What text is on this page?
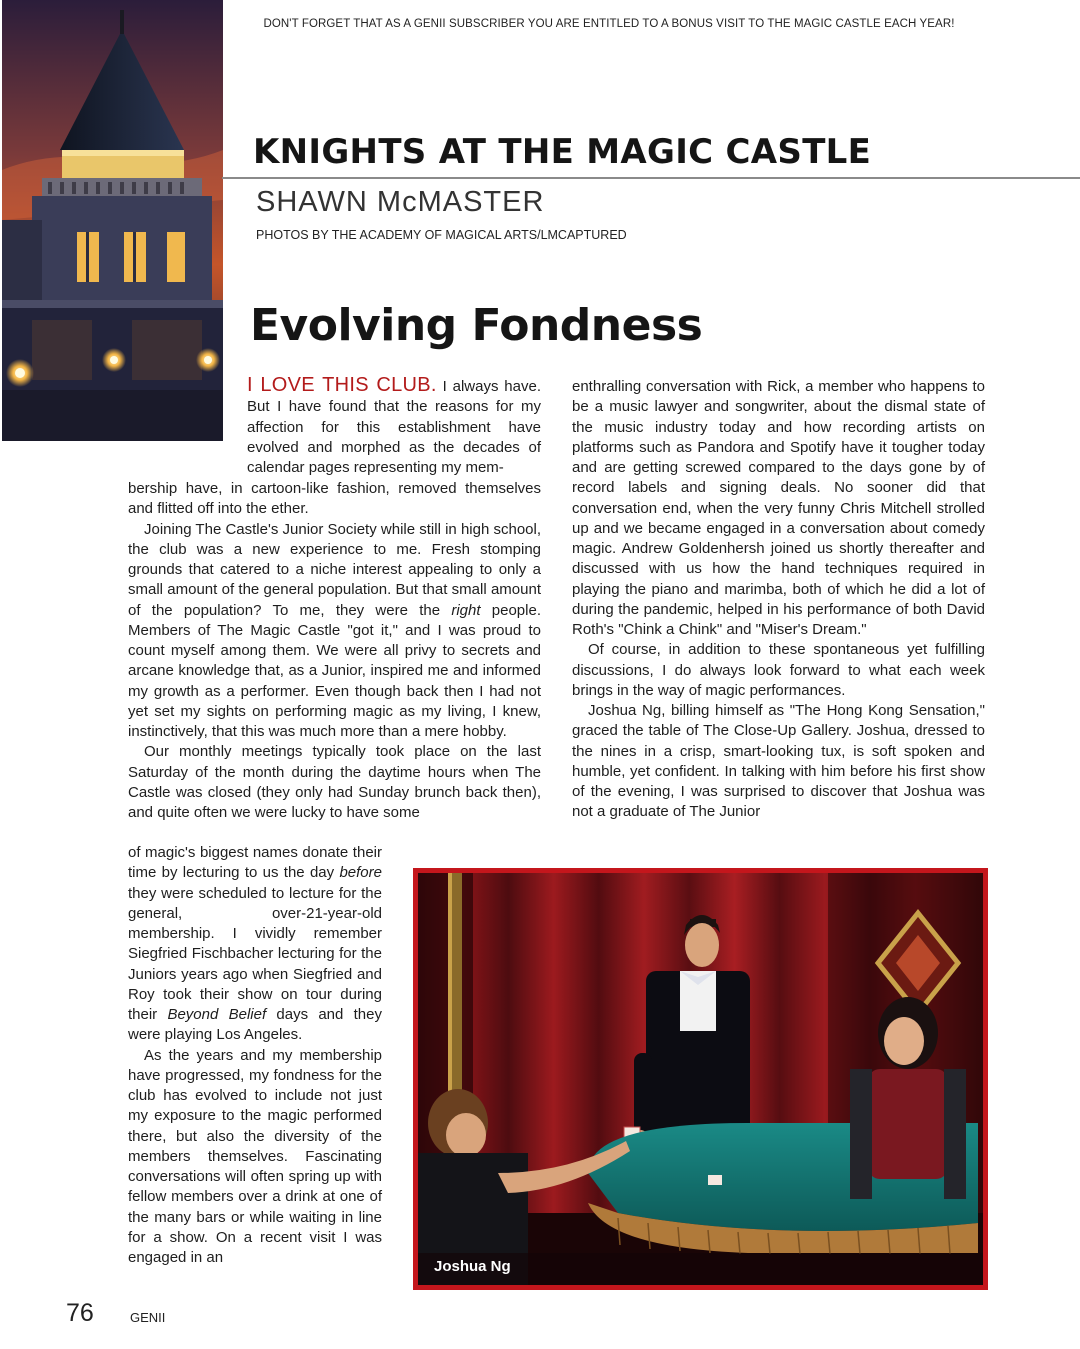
DON'T FORGET THAT AS A GENII SUBSCRIBER YOU ARE ENTITLED TO A BONUS VISIT TO THE MAGIC CASTLE EACH YEAR!
KNIGHTS AT THE MAGIC CASTLE
SHAWN McMASTER
PHOTOS BY THE ACADEMY OF MAGICAL ARTS/LMCAPTURED
Evolving Fondness

I LOVE THIS CLUB. I always have. But I have found that the reasons for my affection for this establishment have evolved and morphed as the decades of calendar pages representing my mem-

bership have, in cartoon-like fashion, removed themselves and flitted off into the ether.

Joining The Castle's Junior Society while still in high school, the club was a new experience to me. Fresh stomping grounds that catered to a niche interest appealing to only a small amount of the general population. But that small amount of the population? To me, they were the right people. Members of The Magic Castle "got it," and I was proud to count myself among them. We were all privy to secrets and arcane knowledge that, as a Junior, inspired me and informed my growth as a performer. Even though back then I had not yet set my sights on performing magic as my living, I knew, instinctively, that this was much more than a mere hobby.

Our monthly meetings typically took place on the last Saturday of the month during the daytime hours when The Castle was closed (they only had Sunday brunch back then), and quite often we were lucky to have some

of magic's biggest names donate their time by lecturing to us the day before they were scheduled to lecture for the general, over-21-year-old membership. I vividly remember Siegfried Fischbacher lecturing for the Juniors years ago when Siegfried and Roy took their show on tour during their Beyond Belief days and they were playing Los Angeles.

As the years and my membership have progressed, my fondness for the club has evolved to include not just my exposure to the magic performed there, but also the diversity of the members themselves. Fascinating conversations will often spring up with fellow members over a drink at one of the many bars or while waiting in line for a show. On a recent visit I was engaged in an

enthralling conversation with Rick, a member who happens to be a music lawyer and songwriter, about the dismal state of the music industry today and how recording artists on platforms such as Pandora and Spotify have it tougher today and are getting screwed compared to the days gone by of record labels and signing deals. No sooner did that conversation end, when the very funny Chris Mitchell strolled up and we became engaged in a conversation about comedy magic. Andrew Goldenhersh joined us shortly thereafter and discussed with us how the hand techniques required in playing the piano and marimba, both of which he did a lot of during the pandemic, helped in his performance of both David Roth's "Chink a Chink" and "Miser's Dream."

Of course, in addition to these spontaneous yet fulfilling discussions, I do always look forward to what each week brings in the way of magic performances.

Joshua Ng, billing himself as "The Hong Kong Sensation," graced the table of The Close-Up Gallery. Joshua, dressed to the nines in a crisp, smart-looking tux, is soft spoken and humble, yet confident. In talking with him before his first show of the evening, I was surprised to discover that Joshua was not a graduate of The Junior

Joshua Ng
76	GENII
